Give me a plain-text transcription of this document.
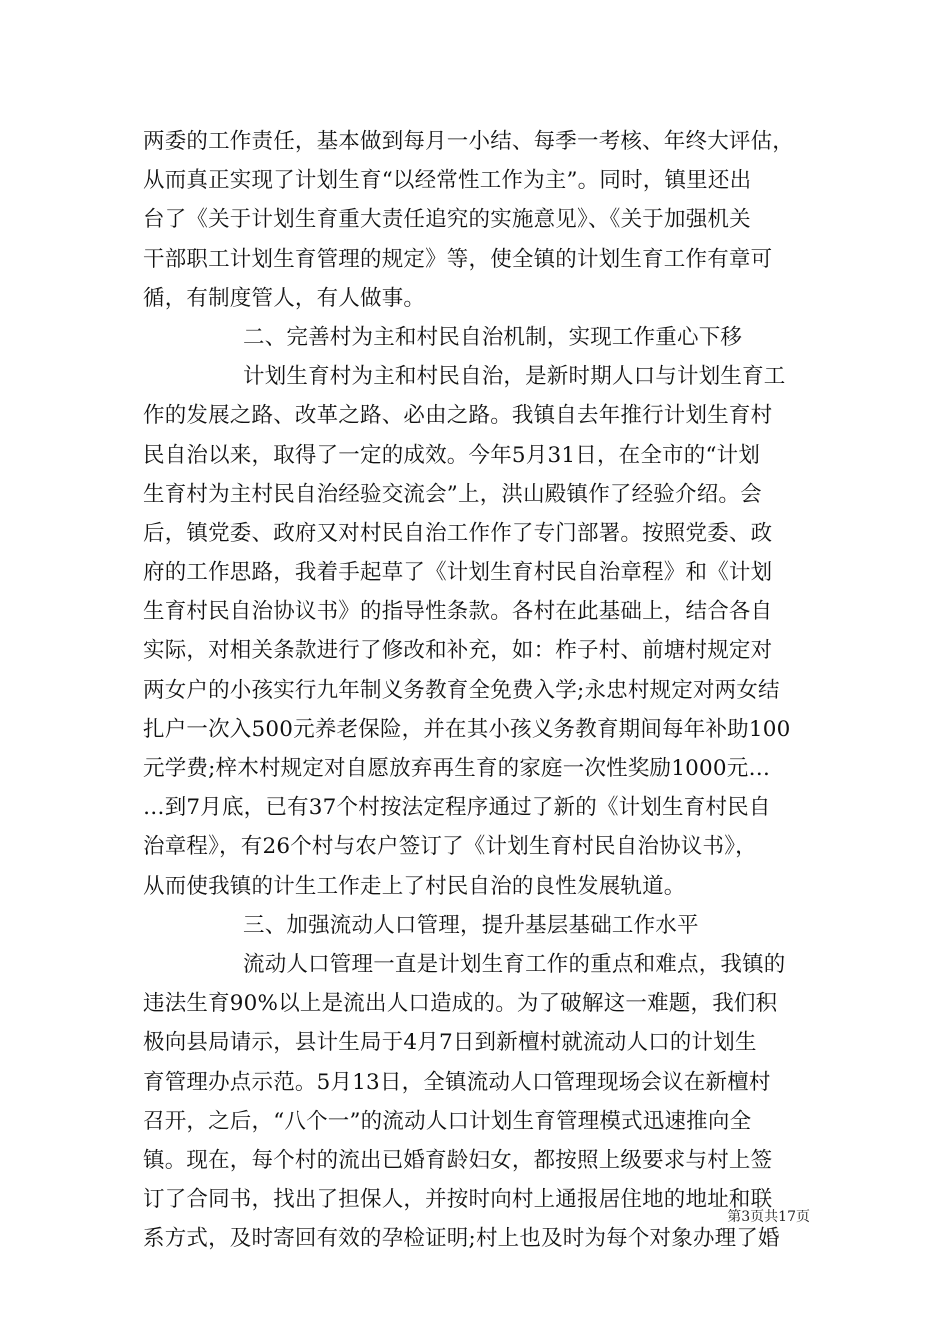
两委的工作责任，基本做到每月一小结、每季一考核、年终大评估，
从而真正实现了计划生育“以经常性工作为主”。同时，镇里还出
台了《关于计划生育重大责任追究的实施意见》、《关于加强机关
干部职工计划生育管理的规定》等，使全镇的计划生育工作有章可
循，有制度管人，有人做事。
二、完善村为主和村民自治机制，实现工作重心下移
计划生育村为主和村民自治，是新时期人口与计划生育工
作的发展之路、改革之路、必由之路。我镇自去年推行计划生育村
民自治以来，取得了一定的成效。今年5月31日，在全市的“计划
生育村为主村民自治经验交流会”上，洪山殿镇作了经验介绍。会
后，镇党委、政府又对村民自治工作作了专门部署。按照党委、政
府的工作思路，我着手起草了《计划生育村民自治章程》和《计划
生育村民自治协议书》的指导性条款。各村在此基础上，结合各自
实际，对相关条款进行了修改和补充，如：柞子村、前塘村规定对
两女户的小孩实行九年制义务教育全免费入学;永忠村规定对两女结
扎户一次入500元养老保险，并在其小孩义务教育期间每年补助100
元学费;梓木村规定对自愿放弃再生育的家庭一次性奖励1000元…
…到7月底，已有37个村按法定程序通过了新的《计划生育村民自
治章程》，有26个村与农户签订了《计划生育村民自治协议书》，
从而使我镇的计生工作走上了村民自治的良性发展轨道。
三、加强流动人口管理，提升基层基础工作水平
流动人口管理一直是计划生育工作的重点和难点，我镇的
违法生育90%以上是流出人口造成的。为了破解这一难题，我们积
极向县局请示，县计生局于4月7日到新檀村就流动人口的计划生
育管理办点示范。5月13日，全镇流动人口管理现场会议在新檀村
召开，之后，“八个一”的流动人口计划生育管理模式迅速推向全
镇。现在，每个村的流出已婚育龄妇女，都按照上级要求与村上签
订了合同书，找出了担保人，并按时向村上通报居住地的地址和联
系方式，及时寄回有效的孕检证明;村上也及时为每个对象办理了婚
第3页共17页
